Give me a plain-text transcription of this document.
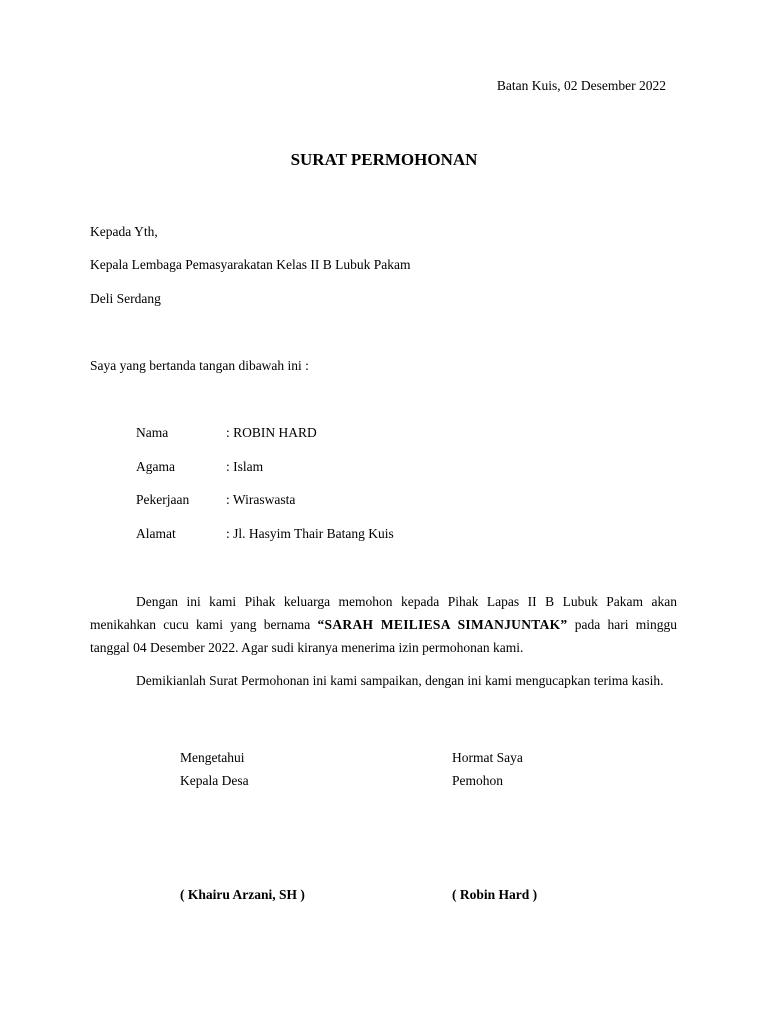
Batan Kuis, 02 Desember 2022
SURAT PERMOHONAN
Kepada Yth,
Kepala Lembaga Pemasyarakatan Kelas II B Lubuk Pakam
Deli Serdang
Saya yang bertanda tangan dibawah ini :
Nama	: ROBIN HARD
Agama	: Islam
Pekerjaan	: Wiraswasta
Alamat	: Jl. Hasyim Thair Batang Kuis
Dengan ini kami Pihak keluarga memohon kepada Pihak Lapas II B Lubuk Pakam akan menikahkan cucu kami yang bernama “SARAH MEILIESA SIMANJUNTAK” pada hari minggu tanggal 04 Desember 2022. Agar sudi kiranya menerima izin permohonan kami.
Demikianlah Surat Permohonan ini kami sampaikan, dengan ini kami mengucapkan terima kasih.
Mengetahui
Kepala Desa
Hormat Saya
Pemohon
( Khairu Arzani, SH )	( Robin Hard )
